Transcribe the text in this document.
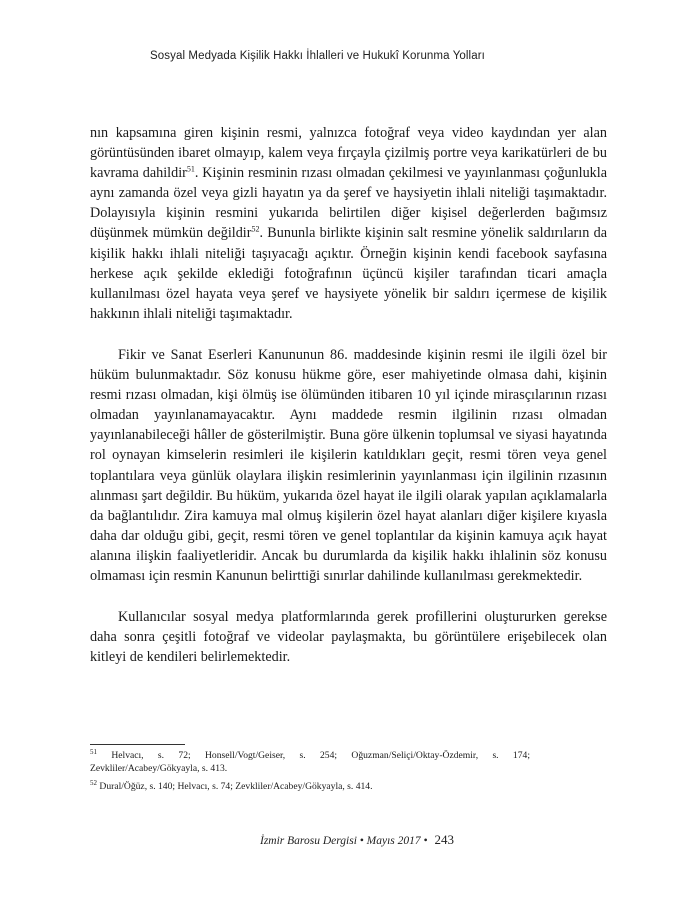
Sosyal Medyada Kişilik Hakkı İhlalleri ve Hukukî Korunma Yolları

nın kapsamına giren kişinin resmi, yalnızca fotoğraf veya video kaydından yer alan görüntüsünden ibaret olmayıp, kalem veya fırçayla çizilmiş portre veya karikatürleri de bu kavrama dahildir$^{51}$. Kişinin resminin rızası olmadan çekilmesi ve yayınlanması çoğunlukla aynı zamanda özel veya gizli hayatın ya da şeref ve haysiyetin ihlali niteliği taşımaktadır. Dolayısıyla kişinin resmini yukarıda belirtilen diğer kişisel değerlerden bağımsız düşünmek mümkün değildir$^{52}$. Bununla birlikte kişinin salt resmine yönelik saldırıların da kişilik hakkı ihlali niteliği taşıyacağı açıktır. Örneğin kişinin kendi facebook sayfasına herkese açık şekilde eklediği fotoğrafının üçüncü kişiler tarafından ticari amaçla kullanılması özel hayata veya şeref ve haysiyete yönelik bir saldırı içermese de kişilik hakkının ihlali niteliği taşımaktadır.

Fikir ve Sanat Eserleri Kanununun 86. maddesinde kişinin resmi ile ilgili özel bir hüküm bulunmaktadır. Söz konusu hükme göre, eser mahiyetinde olmasa dahi, kişinin resmi rızası olmadan, kişi ölmüş ise ölümünden itibaren 10 yıl içinde mirasçılarının rızası olmadan yayınlanamayacaktır. Aynı maddede resmin ilgilinin rızası olmadan yayınlanabileceği hâller de gösterilmiştir. Buna göre ülkenin toplumsal ve siyasi hayatında rol oynayan kimselerin resimleri ile kişilerin katıldıkları geçit, resmi tören veya genel toplantılara veya günlük olaylara ilişkin resimlerinin yayınlanması için ilgilinin rızasının alınması şart değildir. Bu hüküm, yukarıda özel hayat ile ilgili olarak yapılan açıklamalarla da bağlantılıdır. Zira kamuya mal olmuş kişilerin özel hayat alanları diğer kişilere kıyasla daha dar olduğu gibi, geçit, resmi tören ve genel toplantılar da kişinin kamuya açık hayat alanına ilişkin faaliyetleridir. Ancak bu durumlarda da kişilik hakkı ihlalinin söz konusu olmaması için resmin Kanunun belirttiği sınırlar dahilinde kullanılması gerekmektedir.

Kullanıcılar sosyal medya platformlarında gerek profillerini oluştururken gerekse daha sonra çeşitli fotoğraf ve videolar paylaşmakta, bu görüntülere erişebilecek olan kitleyi de kendileri belirlemektedir.

$^{51}$ Helvacı, s. 72; Honsell/Vogt/Geiser, s. 254; Oğuzman/Seliçi/Oktay-Özdemir, s. 174; Zevkliler/Acabey/Gökyayla, s. 413.

$^{52}$ Dural/Öğüz, s. 140; Helvacı, s. 74; Zevkliler/Acabey/Gökyayla, s. 414.

İzmir Barosu Dergisi • Mayıs 2017 • 243
